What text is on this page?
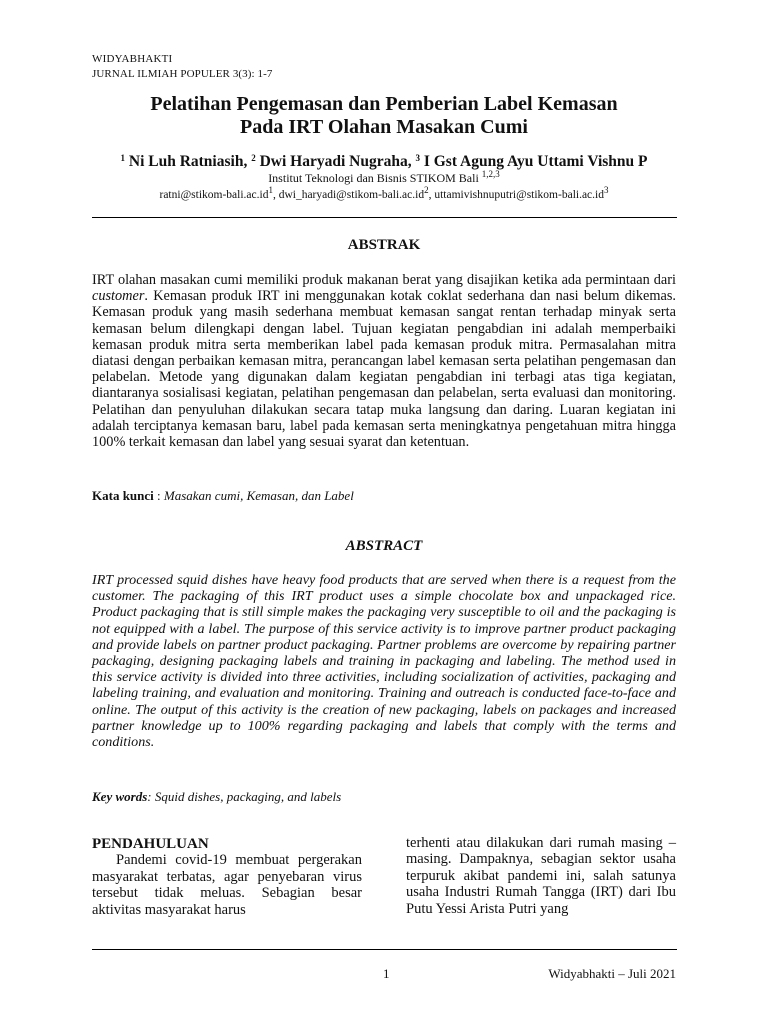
WIDYABHAKTI
JURNAL ILMIAH POPULER 3(3): 1-7
Pelatihan Pengemasan dan Pemberian Label Kemasan
Pada IRT Olahan Masakan Cumi
$^1$ Ni Luh Ratniasih, $^2$ Dwi Haryadi Nugraha, $^3$ I Gst Agung Ayu Uttami Vishnu P
Institut Teknologi dan Bisnis STIKOM Bali $^{1,2,3}$
$ratni@stikom-bali.ac.id^1$, $dwi\_haryadi@stikom-bali.ac.id^2$, $uttamivishnuputri@stikom-bali.ac.id^3$
ABSTRAK
IRT olahan masakan cumi memiliki produk makanan berat yang disajikan ketika ada permintaan dari customer. Kemasan produk IRT ini menggunakan kotak coklat sederhana dan nasi belum dikemas. Kemasan produk yang masih sederhana membuat kemasan sangat rentan terhadap minyak serta kemasan belum dilengkapi dengan label. Tujuan kegiatan pengabdian ini adalah memperbaiki kemasan produk mitra serta memberikan label pada kemasan produk mitra. Permasalahan mitra diatasi dengan perbaikan kemasan mitra, perancangan label kemasan serta pelatihan pengemasan dan pelabelan. Metode yang digunakan dalam kegiatan pengabdian ini terbagi atas tiga kegiatan, diantaranya sosialisasi kegiatan, pelatihan pengemasan dan pelabelan, serta evaluasi dan monitoring. Pelatihan dan penyuluhan dilakukan secara tatap muka langsung dan daring. Luaran kegiatan ini adalah terciptanya kemasan baru, label pada kemasan serta meningkatnya pengetahuan mitra hingga 100% terkait kemasan dan label yang sesuai syarat dan ketentuan.
Kata kunci : Masakan cumi, Kemasan, dan Label
ABSTRACT
IRT processed squid dishes have heavy food products that are served when there is a request from the customer. The packaging of this IRT product uses a simple chocolate box and unpackaged rice. Product packaging that is still simple makes the packaging very susceptible to oil and the packaging is not equipped with a label. The purpose of this service activity is to improve partner product packaging and provide labels on partner product packaging. Partner problems are overcome by repairing partner packaging, designing packaging labels and training in packaging and labeling. The method used in this service activity is divided into three activities, including socialization of activities, packaging and labeling training, and evaluation and monitoring. Training and outreach is conducted face-to-face and online. The output of this activity is the creation of new packaging, labels on packages and increased partner knowledge up to 100% regarding packaging and labels that comply with the terms and conditions.
Key words: Squid dishes, packaging, and labels
PENDAHULUAN
Pandemi covid-19 membuat pergerakan masyarakat terbatas, agar penyebaran virus tersebut tidak meluas. Sebagian besar aktivitas masyarakat harus
terhenti atau dilakukan dari rumah masing – masing. Dampaknya, sebagian sektor usaha terpuruk akibat pandemi ini, salah satunya usaha Industri Rumah Tangga (IRT) dari Ibu Putu Yessi Arista Putri yang
1	Widyabhakti – Juli 2021
